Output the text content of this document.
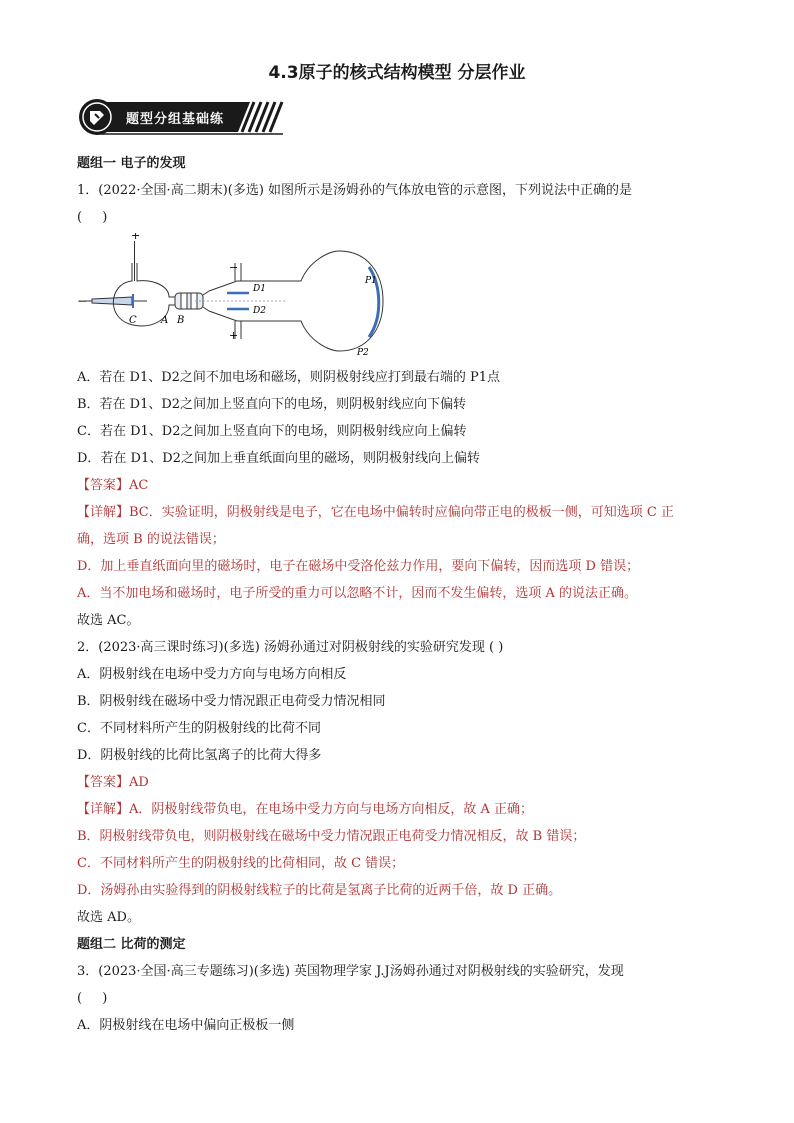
4.3原子的核式结构模型 分层作业
题型分组基础练
题组一 电子的发现
1．(2022·全国·高二期末)(多选) 如图所示是汤姆孙的气体放电管的示意图，下列说法中正确的是
( )
−
+
C A B
−
D1
D2
+
P1
P2
A．若在 D1、D2之间不加电场和磁场，则阴极射线应打到最右端的 P1点
B．若在 D1、D2之间加上竖直向下的电场，则阴极射线应向下偏转
C．若在 D1、D2之间加上竖直向下的电场，则阴极射线应向上偏转
D．若在 D1、D2之间加上垂直纸面向里的磁场，则阴极射线向上偏转
【答案】AC
【详解】BC．实验证明，阴极射线是电子，它在电场中偏转时应偏向带正电的极板一侧，可知选项 C 正
确，选项 B 的说法错误；
D．加上垂直纸面向里的磁场时，电子在磁场中受洛伦兹力作用，要向下偏转，因而选项 D 错误；
A．当不加电场和磁场时，电子所受的重力可以忽略不计，因而不发生偏转，选项 A 的说法正确。
故选 AC。
2．(2023·高三课时练习)(多选) 汤姆孙通过对阴极射线的实验研究发现 ( )
A．阴极射线在电场中受力方向与电场方向相反
B．阴极射线在磁场中受力情况跟正电荷受力情况相同
C．不同材料所产生的阴极射线的比荷不同
D．阴极射线的比荷比氢离子的比荷大得多
【答案】AD
【详解】A．阴极射线带负电，在电场中受力方向与电场方向相反，故 A 正确；
B．阴极射线带负电，则阴极射线在磁场中受力情况跟正电荷受力情况相反，故 B 错误；
C．不同材料所产生的阴极射线的比荷相同，故 C 错误；
D．汤姆孙由实验得到的阴极射线粒子的比荷是氢离子比荷的近两千倍，故 D 正确。
故选 AD。
题组二 比荷的测定
3．(2023·全国·高三专题练习)(多选) 英国物理学家 J.J汤姆孙通过对阴极射线的实验研究，发现
( )
A．阴极射线在电场中偏向正极板一侧
